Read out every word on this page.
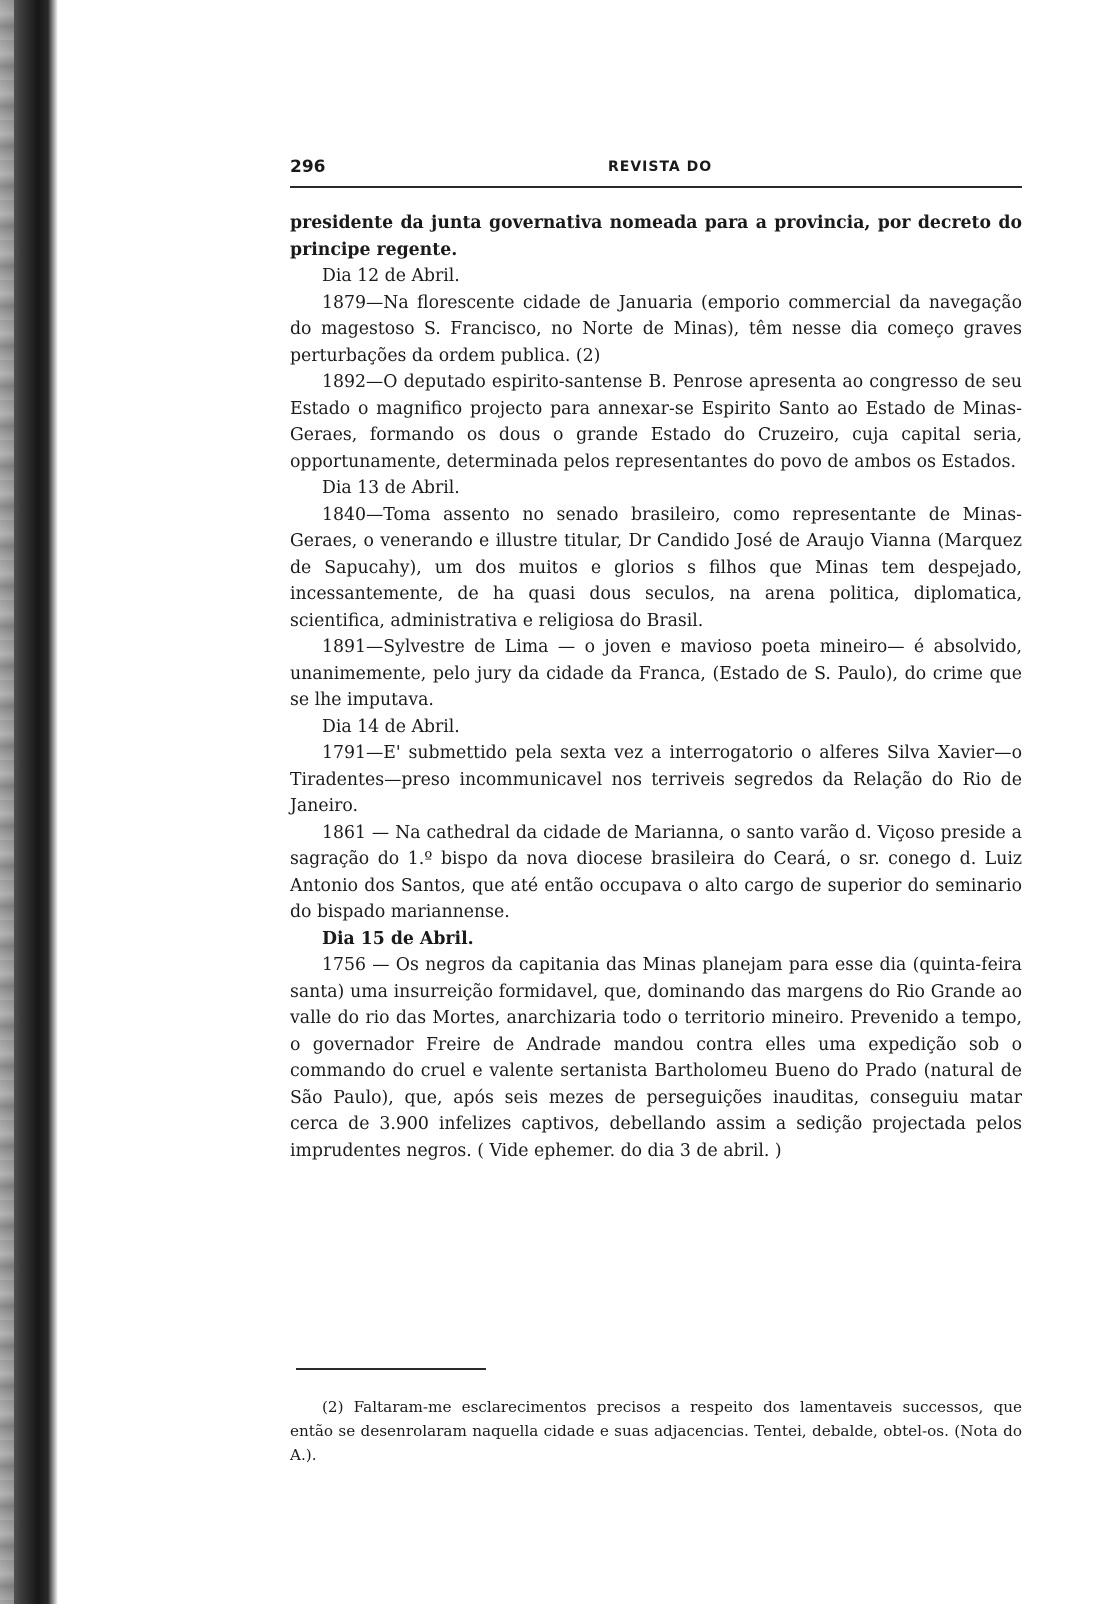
296	REVISTA DO

presidente da junta governativa nomeada para a provincia, por decreto do principe regente.

Dia 12 de Abril.

1879—Na florescente cidade de Januaria (emporio commercial da navegação do magestoso S. Francisco, no Norte de Minas), têm nesse dia começo graves perturbações da ordem publica. (2)

1892—O deputado espirito-santense B. Penrose apresenta ao congresso de seu Estado o magnifico projecto para annexar-se Espirito Santo ao Estado de Minas-Geraes, formando os dous o grande Estado do Cruzeiro, cuja capital seria, opportunamente, determinada pelos representantes do povo de ambos os Estados.

Dia 13 de Abril.

1840—Toma assento no senado brasileiro, como representante de Minas-Geraes, o venerando e illustre titular, Dr Candido José de Araujo Vianna (Marquez de Sapucahy), um dos muitos e glorios s filhos que Minas tem despejado, incessantemente, de ha quasi dous seculos, na arena politica, diplomatica, scientifica, administrativa e religiosa do Brasil.

1891—Sylvestre de Lima — o joven e mavioso poeta mineiro— é absolvido, unanimemente, pelo jury da cidade da Franca, (Estado de S. Paulo), do crime que se lhe imputava.

Dia 14 de Abril.

1791—E' submettido pela sexta vez a interrogatorio o alferes Silva Xavier—o Tiradentes—preso incommunicavel nos terriveis segredos da Relação do Rio de Janeiro.

1861 — Na cathedral da cidade de Marianna, o santo varão d. Viçoso preside a sagração do 1.º bispo da nova diocese brasileira do Ceará, o sr. conego d. Luiz Antonio dos Santos, que até então occupava o alto cargo de superior do seminario do bispado mariannense.

Dia 15 de Abril.

1756 — Os negros da capitania das Minas planejam para esse dia (quinta-feira santa) uma insurreição formidavel, que, dominando das margens do Rio Grande ao valle do rio das Mortes, anarchizaria todo o territorio mineiro. Prevenido a tempo, o governador Freire de Andrade mandou contra elles uma expedição sob o commando do cruel e valente sertanista Bartholomeu Bueno do Prado (natural de São Paulo), que, após seis mezes de perseguições inauditas, conseguiu matar cerca de 3.900 infelizes captivos, debellando assim a sedição projectada pelos imprudentes negros. ( Vide ephemer. do dia 3 de abril. )

(2) Faltaram-me esclarecimentos precisos a respeito dos lamentaveis successos, que então se desenrolaram naquella cidade e suas adjacencias. Tentei, debalde, obtel-os. (Nota do A.).
